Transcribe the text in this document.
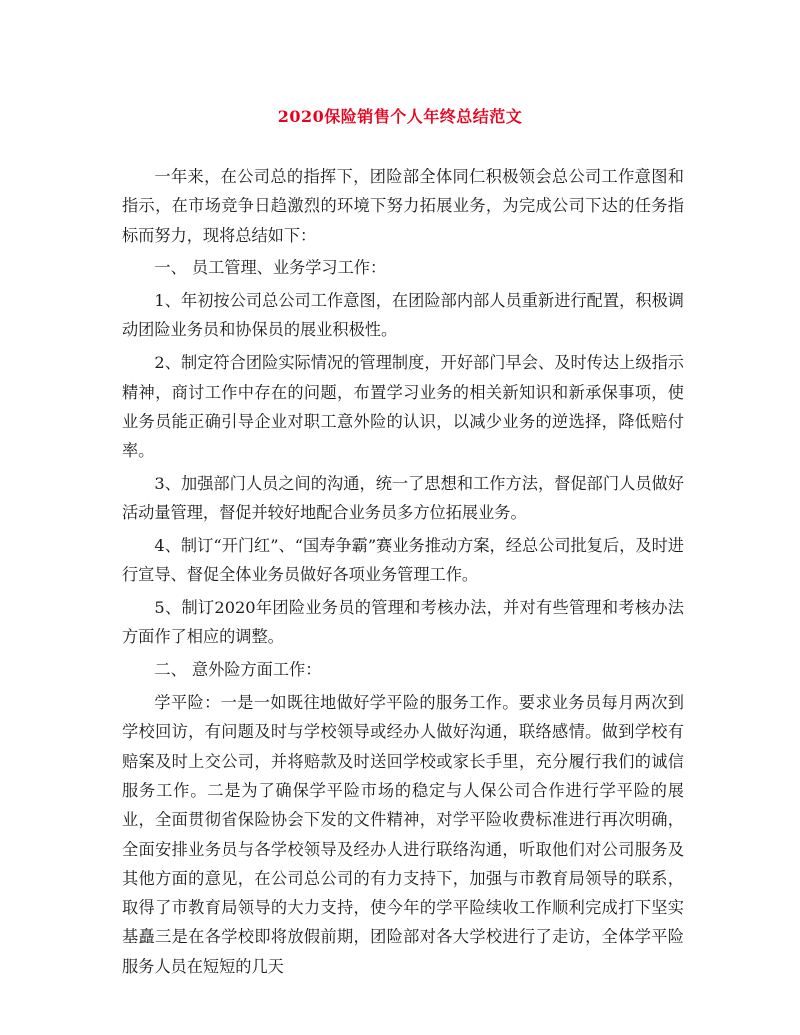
2020保险销售个人年终总结范文

一年来，在公司总的指挥下，团险部全体同仁积极领会总公司工作意图和指示，在市场竞争日趋激烈的环境下努力拓展业务，为完成公司下达的任务指标而努力，现将总结如下：

一、 员工管理、业务学习工作：

1、年初按公司总公司工作意图，在团险部内部人员重新进行配置，积极调动团险业务员和协保员的展业积极性。

2、制定符合团险实际情况的管理制度，开好部门早会、及时传达上级指示精神，商讨工作中存在的问题，布置学习业务的相关新知识和新承保事项，使业务员能正确引导企业对职工意外险的认识，以减少业务的逆选择，降低赔付率。

3、加强部门人员之间的沟通，统一了思想和工作方法，督促部门人员做好活动量管理，督促并较好地配合业务员多方位拓展业务。

4、制订“开门红”、“国寿争霸”赛业务推动方案，经总公司批复后，及时进行宣导、督促全体业务员做好各项业务管理工作。

5、制订2020年团险业务员的管理和考核办法，并对有些管理和考核办法方面作了相应的调整。

二、 意外险方面工作：

学平险：一是一如既往地做好学平险的服务工作。要求业务员每月两次到学校回访，有问题及时与学校领导或经办人做好沟通，联络感情。做到学校有赔案及时上交公司，并将赔款及时送回学校或家长手里，充分履行我们的诚信服务工作。二是为了确保学平险市场的稳定与人保公司合作进行学平险的展业，全面贯彻省保险协会下发的文件精神，对学平险收费标准进行再次明确，全面安排业务员与各学校领导及经办人进行联络沟通，听取他们对公司服务及其他方面的意见，在公司总公司的有力支持下，加强与市教育局领导的联系，取得了市教育局领导的大力支持，使今年的学平险续收工作顺利完成打下坚实基矗三是在各学校即将放假前期，团险部对各大学校进行了走访，全体学平险服务人员在短短的几天
